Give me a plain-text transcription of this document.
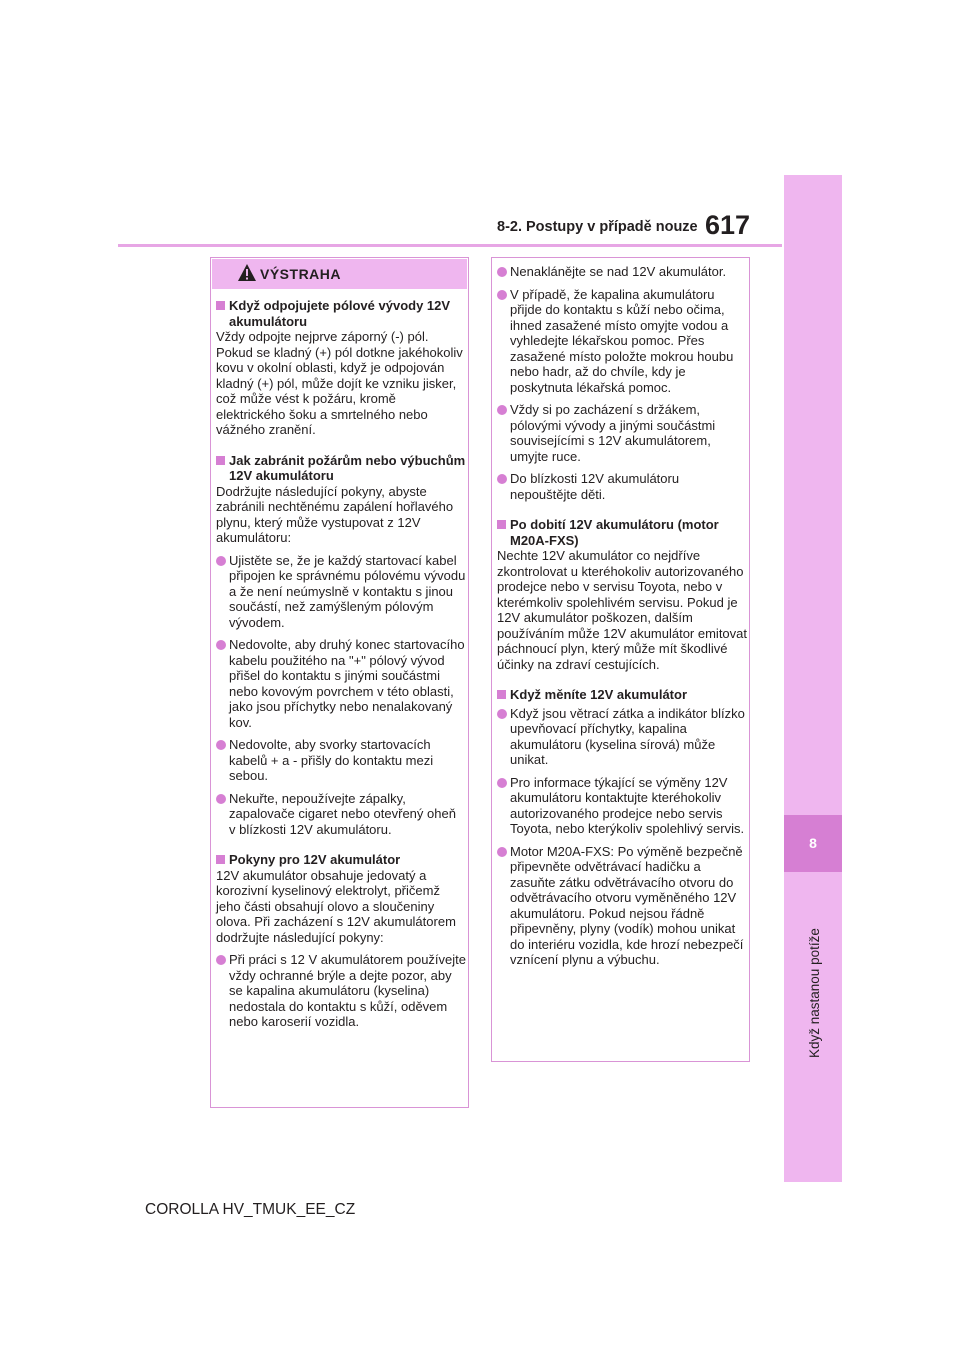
8-2. Postupy v případě nouze 617
8
Když nastanou potíže
VÝSTRAHA
Když odpojujete pólové vývody 12V akumulátoru
Vždy odpojte nejprve záporný (-) pól. Pokud se kladný (+) pól dotkne jakéhokoliv kovu v okolní oblasti, když je odpojován kladný (+) pól, může dojít ke vzniku jisker, což může vést k požáru, kromě elektrického šoku a smrtelného nebo vážného zranění.
Jak zabránit požárům nebo výbuchům 12V akumulátoru
Dodržujte následující pokyny, abyste zabránili nechtěnému zapálení hořlavého plynu, který může vystupovat z 12V akumulátoru:
Ujistěte se, že je každý startovací kabel připojen ke správnému pólovému vývodu a že není neúmyslně v kontaktu s jinou součástí, než zamýšleným pólovým vývodem.
Nedovolte, aby druhý konec startovacího kabelu použitého na "+" pólový vývod přišel do kontaktu s jinými součástmi nebo kovovým povrchem v této oblasti, jako jsou příchytky nebo nenalakovaný kov.
Nedovolte, aby svorky startovacích kabelů + a - přišly do kontaktu mezi sebou.
Nekuřte, nepoužívejte zápalky, zapalovače cigaret nebo otevřený oheň v blízkosti 12V akumulátoru.
Pokyny pro 12V akumulátor
12V akumulátor obsahuje jedovatý a korozivní kyselinový elektrolyt, přičemž jeho části obsahují olovo a sloučeniny olova. Při zacházení s 12V akumulátorem dodržujte následující pokyny:
Při práci s 12 V akumulátorem používejte vždy ochranné brýle a dejte pozor, aby se kapalina akumulátoru (kyselina) nedostala do kontaktu s kůží, oděvem nebo karoserií vozidla.
Nenaklánějte se nad 12V akumulátor.
V případě, že kapalina akumulátoru přijde do kontaktu s kůží nebo očima, ihned zasažené místo omyjte vodou a vyhledejte lékařskou pomoc. Přes zasažené místo položte mokrou houbu nebo hadr, až do chvíle, kdy je poskytnuta lékařská pomoc.
Vždy si po zacházení s držákem, pólovými vývody a jinými součástmi souvisejícími s 12V akumulátorem, umyjte ruce.
Do blízkosti 12V akumulátoru nepouštějte děti.
Po dobití 12V akumulátoru (motor M20A-FXS)
Nechte 12V akumulátor co nejdříve zkontrolovat u kteréhokoliv autorizovaného prodejce nebo v servisu Toyota, nebo v kterémkoliv spolehlivém servisu. Pokud je 12V akumulátor poškozen, dalším používáním může 12V akumulátor emitovat páchnoucí plyn, který může mít škodlivé účinky na zdraví cestujících.
Když měníte 12V akumulátor
Když jsou větrací zátka a indikátor blízko upevňovací příchytky, kapalina akumulátoru (kyselina sírová) může unikat.
Pro informace týkající se výměny 12V akumulátoru kontaktujte kteréhokoliv autorizovaného prodejce nebo servis Toyota, nebo kterýkoliv spolehlivý servis.
Motor M20A-FXS: Po výměně bezpečně připevněte odvětrávací hadičku a zasuňte zátku odvětrávacího otvoru do odvětrávacího otvoru vyměněného 12V akumulátoru. Pokud nejsou řádně připevněny, plyny (vodík) mohou unikat do interiéru vozidla, kde hrozí nebezpečí vznícení plynu a výbuchu.
COROLLA HV_TMUK_EE_CZ
